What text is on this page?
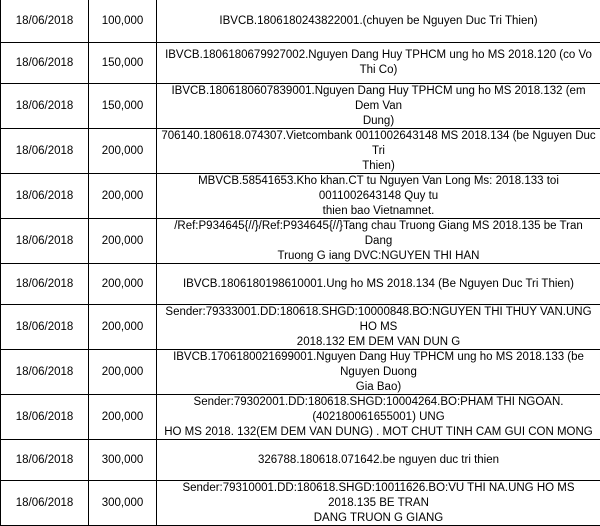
18/06/2018	100,000	IBVCB.1806180243822001.(chuyen be Nguyen Duc Tri Thien)

18/06/2018	150,000	IBVCB.1806180679927002.Nguyen Dang Huy TPHCM ung ho MS 2018.120 (co Vo Thi Co)

18/06/2018	150,000	IBVCB.1806180607839001.Nguyen Dang Huy TPHCM ung ho MS 2018.132 (em Dem Van
Dung)

18/06/2018	200,000	706140.180618.074307.Vietcombank 0011002643148 MS 2018.134 (be Nguyen Duc Tri
Thien)

18/06/2018	200,000	MBVCB.58541653.Kho khan.CT tu Nguyen Van Long Ms: 2018.133 toi 0011002643148 Quy tu
thien bao Vietnamnet.

18/06/2018	200,000	/Ref:P934645{//}/Ref:P934645{//}Tang chau Truong Giang MS 2018.135 be Tran Dang
Truong G iang DVC:NGUYEN THI HAN

18/06/2018	200,000	IBVCB.1806180198610001.Ung ho MS 2018.134 (Be Nguyen Duc Tri Thien)

18/06/2018	200,000	Sender:79333001.DD:180618.SHGD:10000848.BO:NGUYEN THI THUY VAN.UNG HO MS
2018.132 EM DEM VAN DUN G

18/06/2018	200,000	IBVCB.1706180021699001.Nguyen Dang Huy TPHCM ung ho MS 2018.133 (be Nguyen Duong
Gia Bao)

18/06/2018	200,000	Sender:79302001.DD:180618.SHGD:10004264.BO:PHAM THI NGOAN.(402180061655001) UNG
HO MS 2018. 132(EM DEM VAN DUNG) . MOT CHUT TINH CAM GUI CON MONG

18/06/2018	300,000	326788.180618.071642.be nguyen duc tri thien

18/06/2018	300,000	Sender:79310001.DD:180618.SHGD:10011626.BO:VU THI NA.UNG HO MS 2018.135 BE TRAN
DANG TRUON G GIANG
